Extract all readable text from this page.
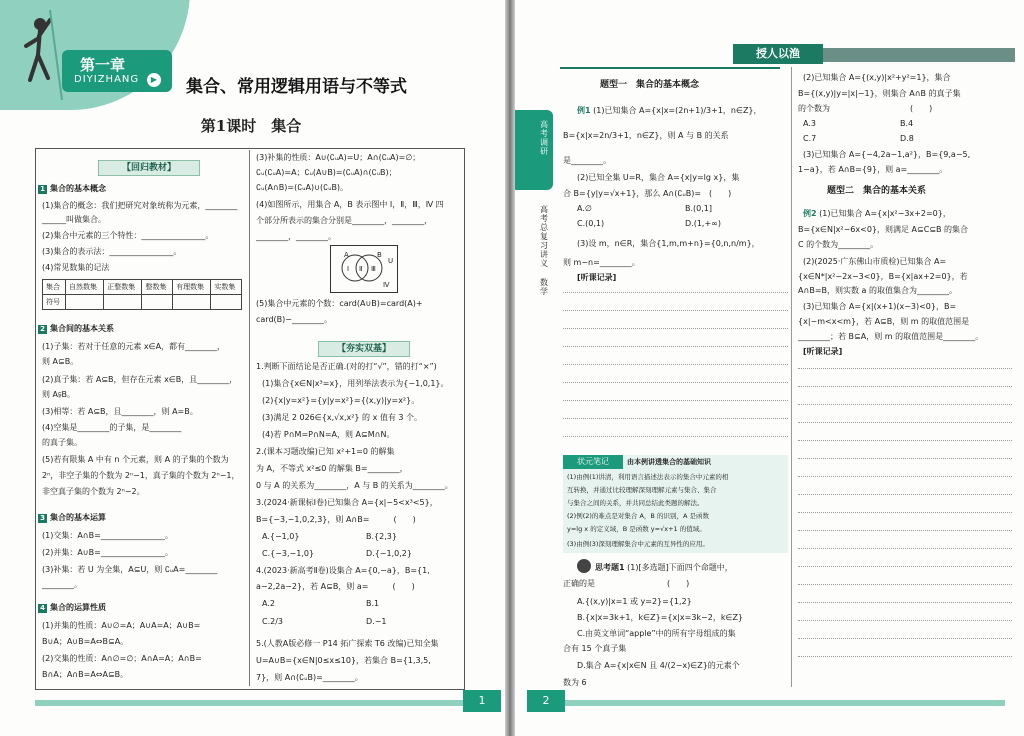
第一章
DIYIZHANG	▶ 集合、常用逻辑用语与不等式
第1课时　集合
【回归教材】
1 集合的基本概念
(1)集合的概念：我们把研究对象统称为元素，________
______叫做集合。
(2)集合中元素的三个特性：________________。
(3)集合的表示法：________________。
(4)常见数集的记法
集合	自然数集	正整数集	整数集	有理数集	实数集
符号					
2 集合间的基本关系
(1)子集：若对于任意的元素 x∈A，都有________，
则 A⊆B。
(2)真子集：若 A⊆B，但存在元素 x∈B，且________，
则 A⫋B。
(3)相等：若 A⊆B，且________，则 A=B。
(4)空集是________的子集，是________
的真子集。
(5)若有限集 A 中有 n 个元素，则 A 的子集的个数为
2ⁿ，非空子集的个数为 2ⁿ−1，真子集的个数为 2ⁿ−1，
非空真子集的个数为 2ⁿ−2。
3 集合的基本运算
(1)交集：A∩B=________________。
(2)并集：A∪B=________________。
(3)补集：若 U 为全集，A⊆U，则 ∁ᵤA=________
________。
4 集合的运算性质
(1)并集的性质：A∪∅=A；A∪A=A；A∪B=
B∪A；A∪B=A⇔B⊆A。
(2)交集的性质：A∩∅=∅；A∩A=A；A∩B=
B∩A；A∩B=A⇔A⊆B。
(3)补集的性质：A∪(∁ᵤA)=U；A∩(∁ᵤA)=∅；
∁ᵤ(∁ᵤA)=A；∁ᵤ(A∪B)=(∁ᵤA)∩(∁ᵤB)；
∁ᵤ(A∩B)=(∁ᵤA)∪(∁ᵤB)。
(4)如图所示，用集合 A，B 表示图中 Ⅰ，Ⅱ，Ⅲ，Ⅳ 四
个部分所表示的集合分别是________，________，
________，________。
A	B
U
Ⅰ Ⅱ Ⅲ
Ⅳ
(5)集合中元素的个数：card(A∪B)=card(A)+
card(B)−________。
【夯实双基】
1.判断下面结论是否正确.(对的打“√”，错的打“×”)
(1)集合{x∈N|x³=x}，用列举法表示为{−1,0,1}。
(2){x|y=x²}={y|y=x²}={(x,y)|y=x²}。
(3)满足 2 026∈{x,√x,x²} 的 x 值有 3 个。
(4)若 P∩M=P∩N=A，则 A⊆M∩N。
2.(课本习题改编)已知 x²+1=0 的解集
为 A，不等式 x²≤0 的解集 B=________，
0 与 A 的关系为________，A 与 B 的关系为________。
3.(2024·新课标Ⅰ卷)已知集合 A={x|−5<x³<5}，
B={−3,−1,0,2,3}，则 A∩B=　　　(　　)
A.{−1,0}	B.{2,3}
C.{−3,−1,0}	D.{−1,0,2}
4.(2023·新高考Ⅱ卷)设集合 A={0,−a}，B={1,
a−2,2a−2}，若 A⊆B，则 a=　　　(　　)
A.2	B.1
C.2/3	D.−1
5.(人教A版必修一 P14 拓广探索 T6 改编)已知全集
U=A∪B={x∈N|0≤x≤10}，若集合 B={1,3,5,
7}，则 A∩(∁ᵤB)=________。
1
授人以渔
高考调研
高考总复习讲义
数学
题型一　集合的基本概念
例1 (1)已知集合 A={x|x=(2n+1)/3+1，n∈Z}，
B={x|x=2n/3+1，n∈Z}，则 A 与 B 的关系
是________。
(2)已知全集 U=R，集合 A={x|y=lg x}，集
合 B={y|y=√x+1}，那么 A∩(∁ᵤB)=　(　　)
A.∅	B.(0,1]
C.(0,1)	D.(1,+∞)
(3)设 m，n∈R，集合{1,m,m+n}={0,n,n/m}，
则 m−n=________。
[听课记录]
状元笔记	由本例讲透集合的基础知识
(1)由例(1)讲清，利用语言描述法表示的集合中元素的相
互转换，并通过比较理解深刻理解元素与集合、集合
与集合之间的关系，并共同总结此类题的解法。
(2)例(2)的难点是对集合 A，B 的识别，A 是函数
y=lg x 的定义域，B 是函数 y=√x+1 的值域。
(3)由例(3)深刻理解集合中元素的互异性的应用。
思考题1 (1)[多选题]下面四个命题中，
正确的是　　　　　　　　　(　　)
A.{(x,y)|x=1 或 y=2}={1,2}
B.{x|x=3k+1，k∈Z}={x|x=3k−2，k∈Z}
C.由英文单词“apple”中的所有字母组成的集
合有 15 个真子集
D.集合 A={x|x∈N 且 4/(2−x)∈Z}的元素个
数为 6
(2)已知集合 A={(x,y)|x²+y²=1}，集合
B={(x,y)|y=|x|−1}，则集合 A∩B 的真子集
的个数为　　　　　　　　　　(　　)
A.3	B.4
C.7	D.8
(3)已知集合 A={−4,2a−1,a²}，B={9,a−5,
1−a}，若 A∩B={9}，则 a=________。
题型二　集合的基本关系
例2 (1)已知集合 A={x|x²−3x+2=0}，
B={x∈N|x²−6x<0}，则满足 A⊆C⊆B 的集合
C 的个数为________。
(2)(2025·广东佛山市质检)已知集合 A=
{x∈N*|x²−2x−3<0}，B={x|ax+2=0}，若
A∩B=B，则实数 a 的取值集合为________。
(3)已知集合 A={x|(x+1)(x−3)<0}，B=
{x|−m<x<m}，若 A⊆B，则 m 的取值范围是
________；若 B⊆A，则 m 的取值范围是________。
[听课记录]
2
